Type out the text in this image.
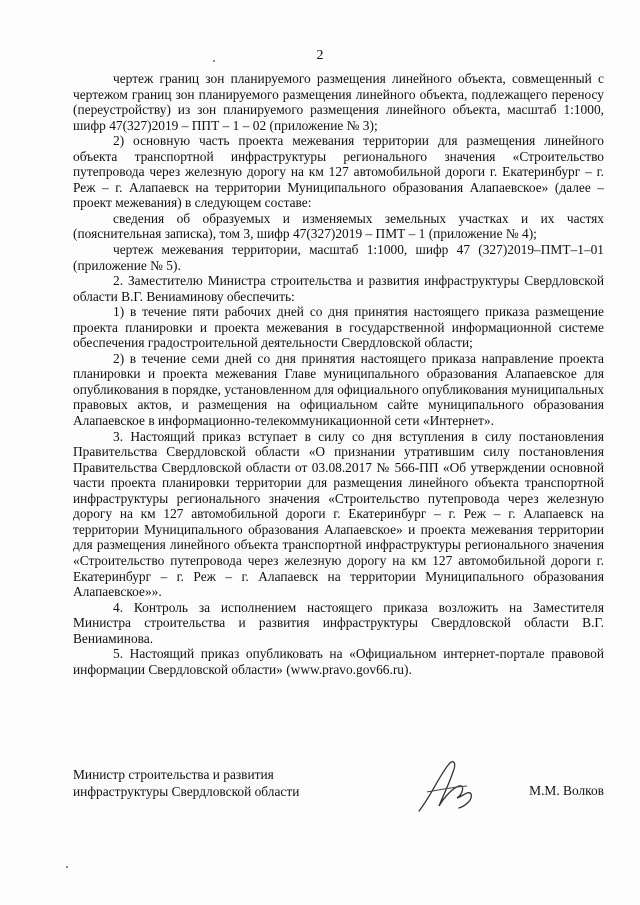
2

чертеж границ зон планируемого размещения линейного объекта, совмещенный с чертежом границ зон планируемого размещения линейного объекта, подлежащего переносу (переустройству) из зон планируемого размещения линейного объекта, масштаб 1:1000, шифр 47(327)2019 – ППТ – 1 – 02 (приложение № 3);

2) основную часть проекта межевания территории для размещения линейного объекта транспортной инфраструктуры регионального значения «Строительство путепровода через железную дорогу на км 127 автомобильной дороги г. Екатеринбург – г. Реж – г. Алапаевск на территории Муниципального образования Алапаевское» (далее – проект межевания) в следующем составе:

сведения об образуемых и изменяемых земельных участках и их частях (пояснительная записка), том 3, шифр 47(327)2019 – ПМТ – 1 (приложение № 4);

чертеж межевания территории, масштаб 1:1000, шифр 47 (327)2019–ПМТ–1–01 (приложение № 5).

2. Заместителю Министра строительства и развития инфраструктуры Свердловской области В.Г. Вениаминову обеспечить:

1) в течение пяти рабочих дней со дня принятия настоящего приказа размещение проекта планировки и проекта межевания в государственной информационной системе обеспечения градостроительной деятельности Свердловской области;

2) в течение семи дней со дня принятия настоящего приказа направление проекта планировки и проекта межевания Главе муниципального образования Алапаевское для опубликования в порядке, установленном для официального опубликования муниципальных правовых актов, и размещения на официальном сайте муниципального образования Алапаевское в информационно-телекоммуникационной сети «Интернет».

3. Настоящий приказ вступает в силу со дня вступления в силу постановления Правительства Свердловской области «О признании утратившим силу постановления Правительства Свердловской области от 03.08.2017 № 566-ПП «Об утверждении основной части проекта планировки территории для размещения линейного объекта транспортной инфраструктуры регионального значения «Строительство путепровода через железную дорогу на км 127 автомобильной дороги г. Екатеринбург – г. Реж – г. Алапаевск на территории Муниципального образования Алапаевское» и проекта межевания территории для размещения линейного объекта транспортной инфраструктуры регионального значения «Строительство путепровода через железную дорогу на км 127 автомобильной дороги г. Екатеринбург – г. Реж – г. Алапаевск на территории Муниципального образования Алапаевское»».

4. Контроль за исполнением настоящего приказа возложить на Заместителя Министра строительства и развития инфраструктуры Свердловской области В.Г. Вениаминова.

5. Настоящий приказ опубликовать на «Официальном интернет-портале правовой информации Свердловской области» (www.pravo.gov66.ru).

Министр строительства и развития
инфраструктуры Свердловской области	М.М. Волков
